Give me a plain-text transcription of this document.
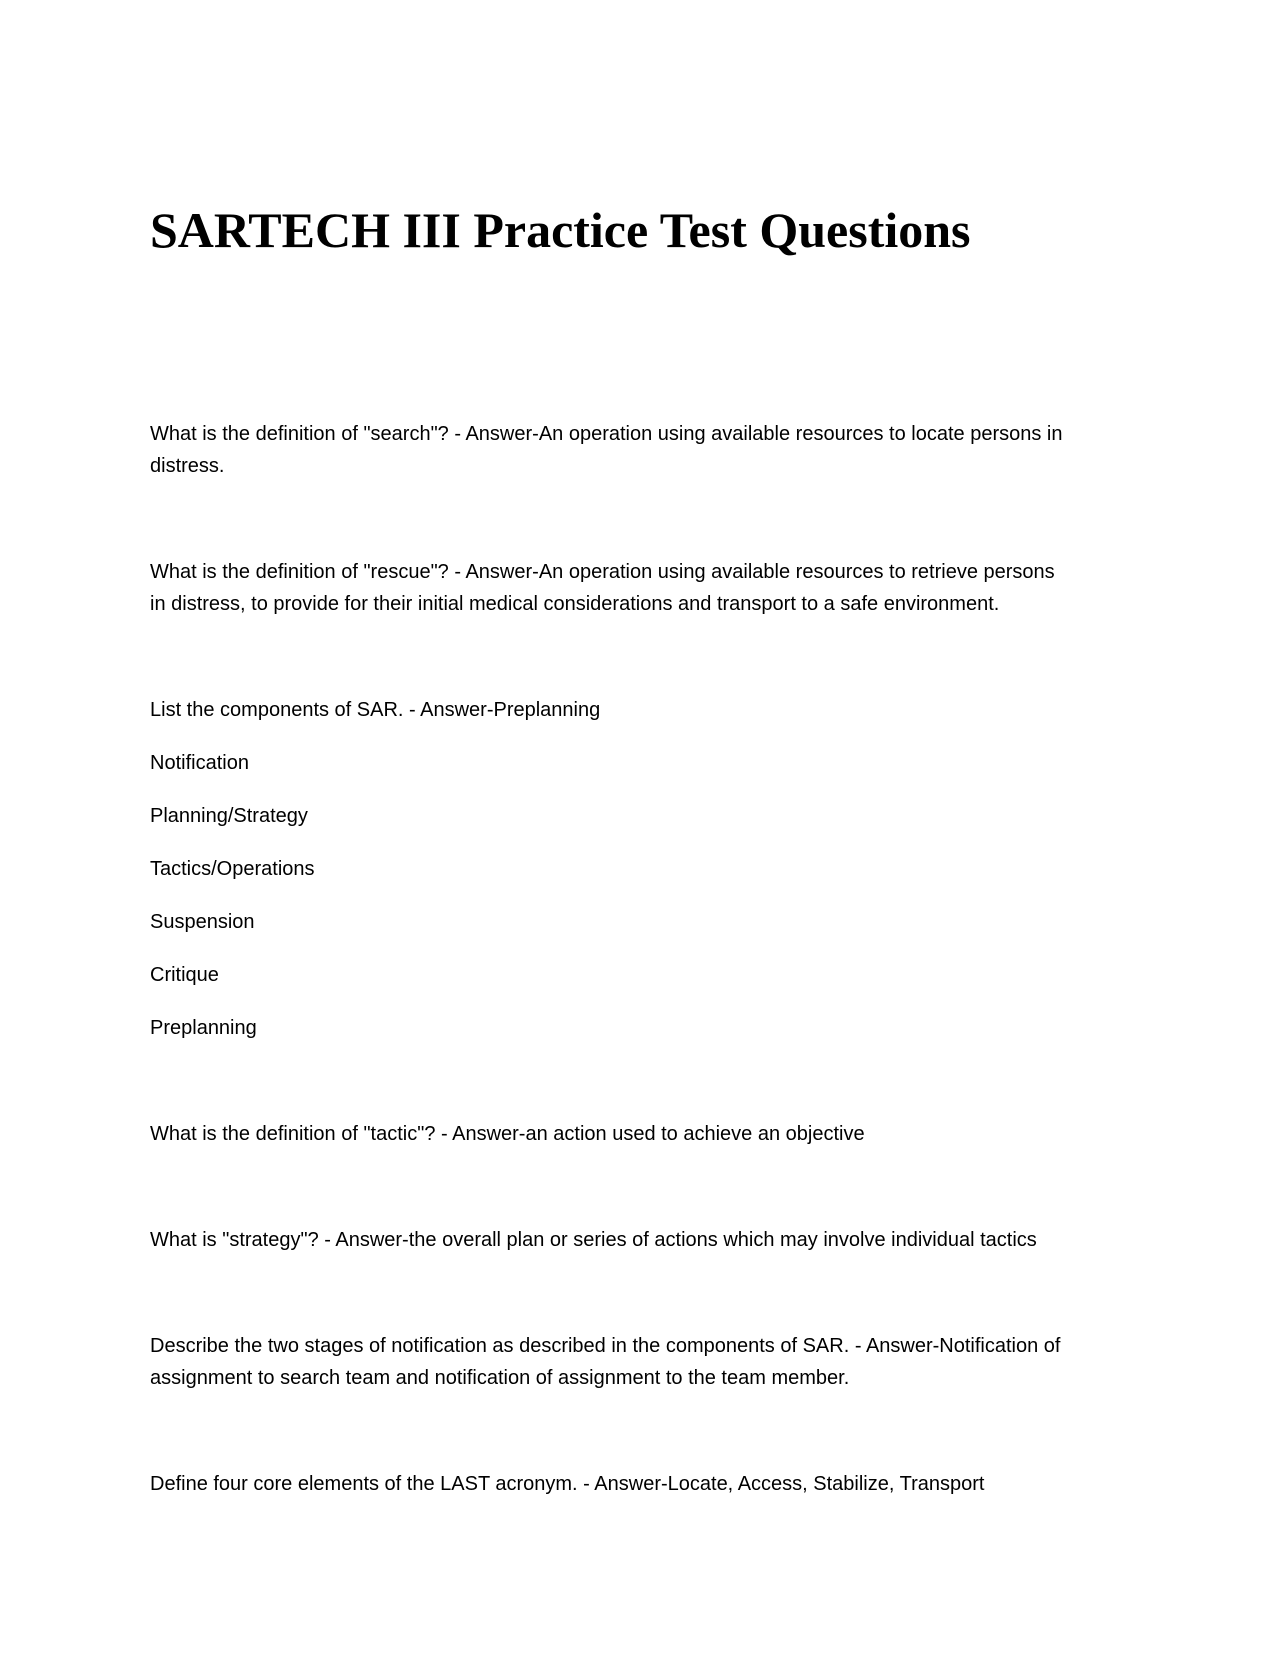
SARTECH III Practice Test Questions

What is the definition of "search"? - Answer-An operation using available resources to locate persons in
distress.

What is the definition of "rescue"? - Answer-An operation using available resources to retrieve persons
in distress, to provide for their initial medical considerations and transport to a safe environment.

List the components of SAR. - Answer-Preplanning

Notification

Planning/Strategy

Tactics/Operations

Suspension

Critique

Preplanning

What is the definition of "tactic"? - Answer-an action used to achieve an objective

What is "strategy"? - Answer-the overall plan or series of actions which may involve individual tactics

Describe the two stages of notification as described in the components of SAR. - Answer-Notification of
assignment to search team and notification of assignment to the team member.

Define four core elements of the LAST acronym. - Answer-Locate, Access, Stabilize, Transport
